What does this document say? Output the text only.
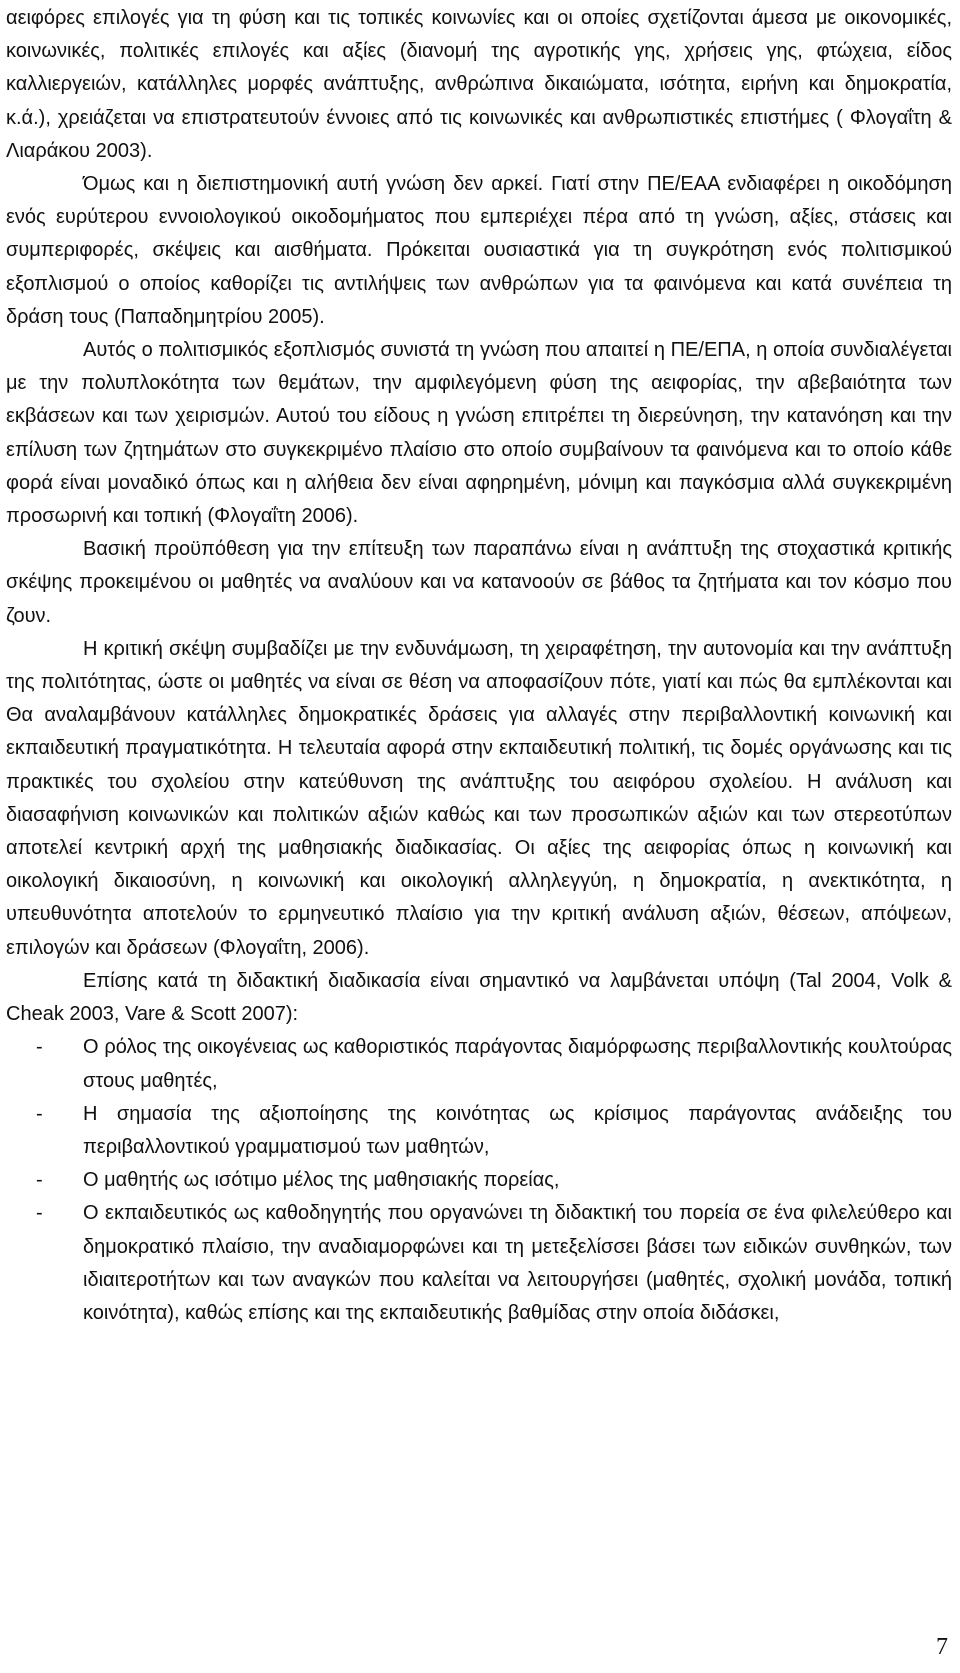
αειφόρες επιλογές για τη φύση και τις τοπικές κοινωνίες και οι οποίες σχετίζονται άμεσα με οικονομικές, κοινωνικές, πολιτικές επιλογές και αξίες (διανομή της αγροτικής γης, χρήσεις γης, φτώχεια, είδος καλλιεργειών, κατάλληλες μορφές ανάπτυξης, ανθρώπινα δικαιώματα, ισότητα, ειρήνη και δημοκρατία, κ.ά.), χρειάζεται να επιστρατευτούν έννοιες από τις κοινωνικές και ανθρωπιστικές επιστήμες ( Φλογαΐτη & Λιαράκου 2003).

Όμως και η διεπιστημονική αυτή γνώση δεν αρκεί. Γιατί στην ΠΕ/ΕΑΑ ενδιαφέρει η οικοδόμηση ενός ευρύτερου εννοιολογικού οικοδομήματος που εμπεριέχει πέρα από τη γνώση, αξίες, στάσεις και συμπεριφορές, σκέψεις και αισθήματα. Πρόκειται ουσιαστικά για τη συγκρότηση ενός πολιτισμικού εξοπλισμού ο οποίος καθορίζει τις αντιλήψεις των ανθρώπων για τα φαινόμενα και κατά συνέπεια τη δράση τους (Παπαδημητρίου 2005).

Αυτός ο πολιτισμικός εξοπλισμός συνιστά τη γνώση που απαιτεί η ΠΕ/ΕΠΑ, η οποία συνδιαλέγεται με την πολυπλοκότητα των θεμάτων, την αμφιλεγόμενη φύση της αειφορίας, την αβεβαιότητα των εκβάσεων και των χειρισμών. Αυτού του είδους η γνώση επιτρέπει τη διερεύνηση, την κατανόηση και την επίλυση των ζητημάτων στο συγκεκριμένο πλαίσιο στο οποίο συμβαίνουν τα φαινόμενα και το οποίο κάθε φορά είναι μοναδικό όπως και η αλήθεια δεν είναι αφηρημένη, μόνιμη και παγκόσμια αλλά συγκεκριμένη προσωρινή και τοπική (Φλογαΐτη 2006).

Βασική προϋπόθεση για την επίτευξη των παραπάνω είναι η ανάπτυξη της στοχαστικά κριτικής σκέψης προκειμένου οι μαθητές να αναλύουν και να κατανοούν σε βάθος τα ζητήματα και τον κόσμο που ζουν.

Η κριτική σκέψη συμβαδίζει με την ενδυνάμωση, τη χειραφέτηση, την αυτονομία και την ανάπτυξη της πολιτότητας, ώστε οι μαθητές να είναι σε θέση να αποφασίζουν πότε, γιατί και πώς θα εμπλέκονται και Θα αναλαμβάνουν κατάλληλες δημοκρατικές δράσεις για αλλαγές στην περιβαλλοντική κοινωνική και εκπαιδευτική πραγματικότητα. Η τελευταία αφορά στην εκπαιδευτική πολιτική, τις δομές οργάνωσης και τις πρακτικές του σχολείου στην κατεύθυνση της ανάπτυξης του αειφόρου σχολείου. Η ανάλυση και διασαφήνιση κοινωνικών και πολιτικών αξιών καθώς και των προσωπικών αξιών και των στερεοτύπων αποτελεί κεντρική αρχή της μαθησιακής διαδικασίας. Οι αξίες της αειφορίας όπως η κοινωνική και οικολογική δικαιοσύνη, η κοινωνική και οικολογική αλληλεγγύη, η δημοκρατία, η ανεκτικότητα, η υπευθυνότητα αποτελούν το ερμηνευτικό πλαίσιο για την κριτική ανάλυση αξιών, θέσεων, απόψεων, επιλογών και δράσεων (Φλογαΐτη, 2006).

Επίσης κατά τη διδακτική διαδικασία είναι σημαντικό να λαμβάνεται υπόψη (Tal 2004, Volk & Cheak 2003, Vare & Scott 2007):

- Ο ρόλος της οικογένειας ως καθοριστικός παράγοντας διαμόρφωσης περιβαλλοντικής κουλτούρας στους μαθητές,
- Η σημασία της αξιοποίησης της κοινότητας ως κρίσιμος παράγοντας ανάδειξης του περιβαλλοντικού γραμματισμού των μαθητών,
- Ο μαθητής ως ισότιμο μέλος της μαθησιακής πορείας,
- Ο εκπαιδευτικός ως καθοδηγητής που οργανώνει τη διδακτική του πορεία σε ένα φιλελεύθερο και δημοκρατικό πλαίσιο, την αναδιαμορφώνει και τη μετεξελίσσει βάσει των ειδικών συνθηκών, των ιδιαιτεροτήτων και των αναγκών που καλείται να λειτουργήσει (μαθητές, σχολική μονάδα, τοπική κοινότητα), καθώς επίσης και της εκπαιδευτικής βαθμίδας στην οποία διδάσκει,
7
